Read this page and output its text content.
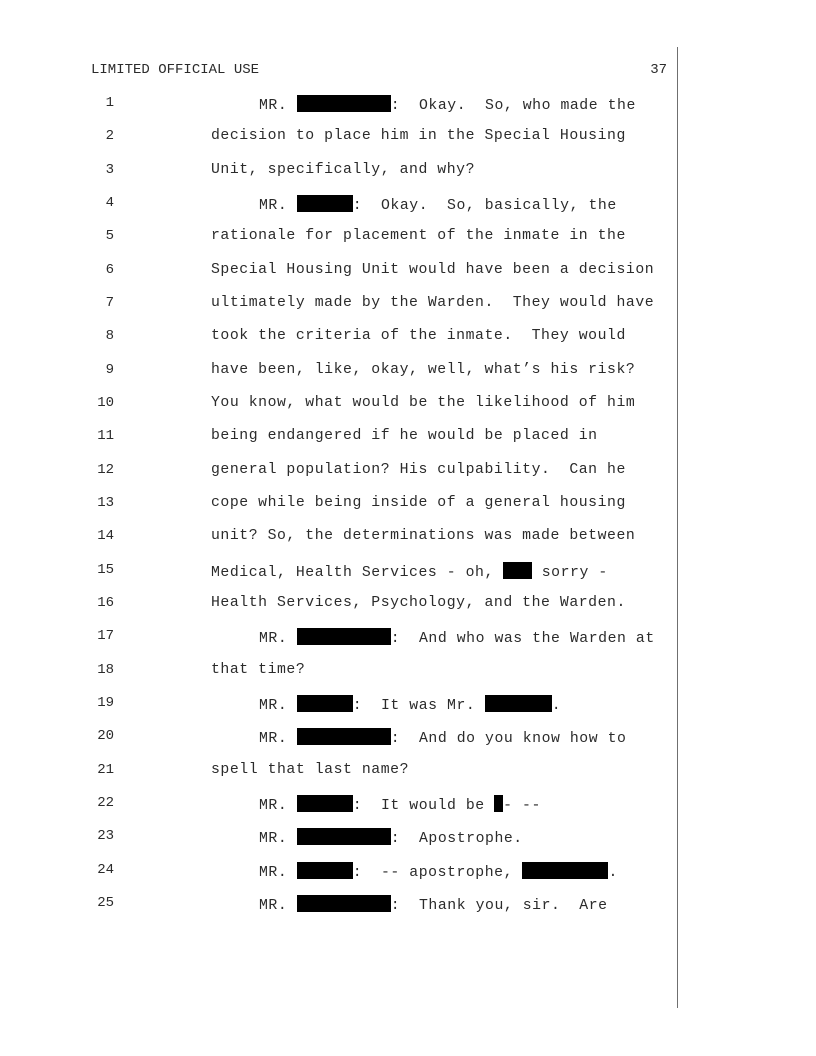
LIMITED OFFICIAL USE	37
1	MR.	:  Okay.  So, who made the
2	decision to place him in the Special Housing
3	Unit, specifically, and why?
4	MR.	:  Okay.  So, basically, the
5	rationale for placement of the inmate in the
6	Special Housing Unit would have been a decision
7	ultimately made by the Warden.  They would have
8	took the criteria of the inmate.  They would
9	have been, like, okay, well, what’s his risk?
10	You know, what would be the likelihood of him
11	being endangered if he would be placed in
12	general population? His culpability.  Can he
13	cope while being inside of a general housing
14	unit? So, the determinations was made between
15	Medical, Health Services - oh,  sorry -
16	Health Services, Psychology, and the Warden.
17	MR.	:  And who was the Warden at
18	that time?
19	MR.	:  It was Mr.	.
20	MR.	:  And do you know how to
21	spell that last name?
22	MR.	:  It would be - --
23	MR.	:  Apostrophe.
24	MR.	:  -- apostrophe,	.
25	MR.	:  Thank you, sir.  Are
